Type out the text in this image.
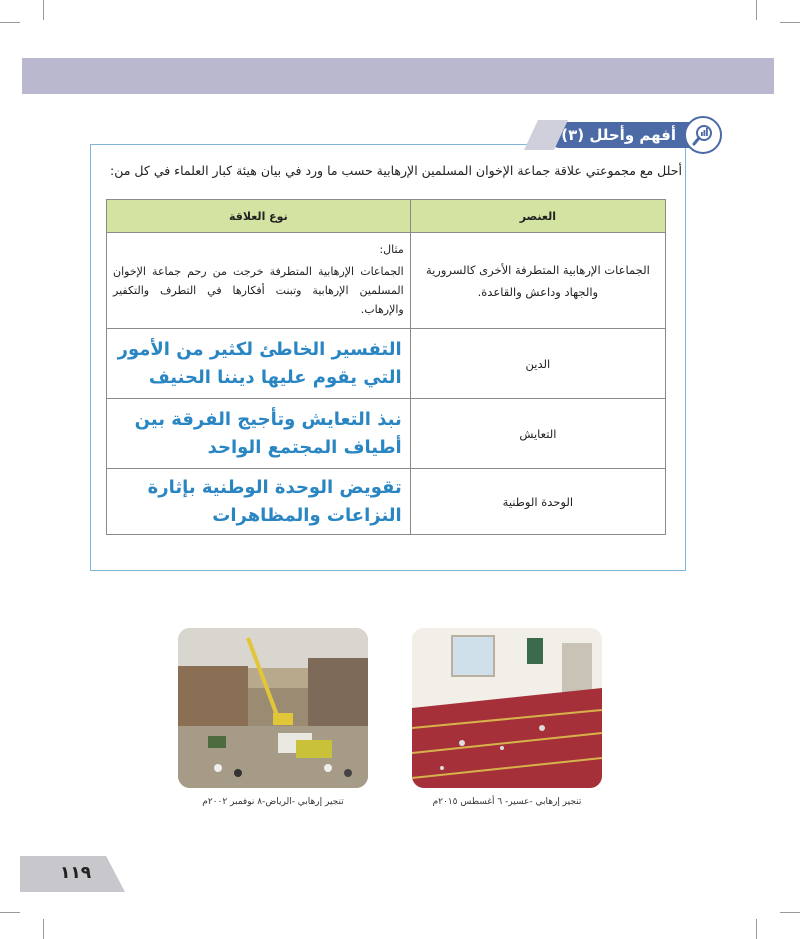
أفهم وأحلل (٣)
أحلل مع مجموعتي علاقة جماعة الإخوان المسلمين الإرهابية حسب ما ورد في بيان هيئة كبار العلماء في كل من:
العنصر	نوع العلاقة
الجماعات الإرهابية المتطرفة الأخرى كالسرورية والجهاد وداعش والقاعدة.	مثال:
الجماعات الإرهابية المتطرفة خرجت من رحم جماعة الإخوان المسلمين الإرهابية وتبنت أفكارها في التطرف والتكفير والإرهاب.

الدين	التفسير الخاطئ لكثير من الأمور التي يقوم عليها ديننا الحنيف
التعايش	نبذ التعايش وتأجيج الفرقة بين أطياف المجتمع الواحد
الوحدة الوطنية	تقويض الوحدة الوطنية بإثارة النزاعات والمظاهرات
تنجير إرهابي -الرياض-٨ نوفمبر ٢٠٠٢م	تنجير إرهابي -عسير- ٦ أغسطس ٢٠١٥م
١١٩
